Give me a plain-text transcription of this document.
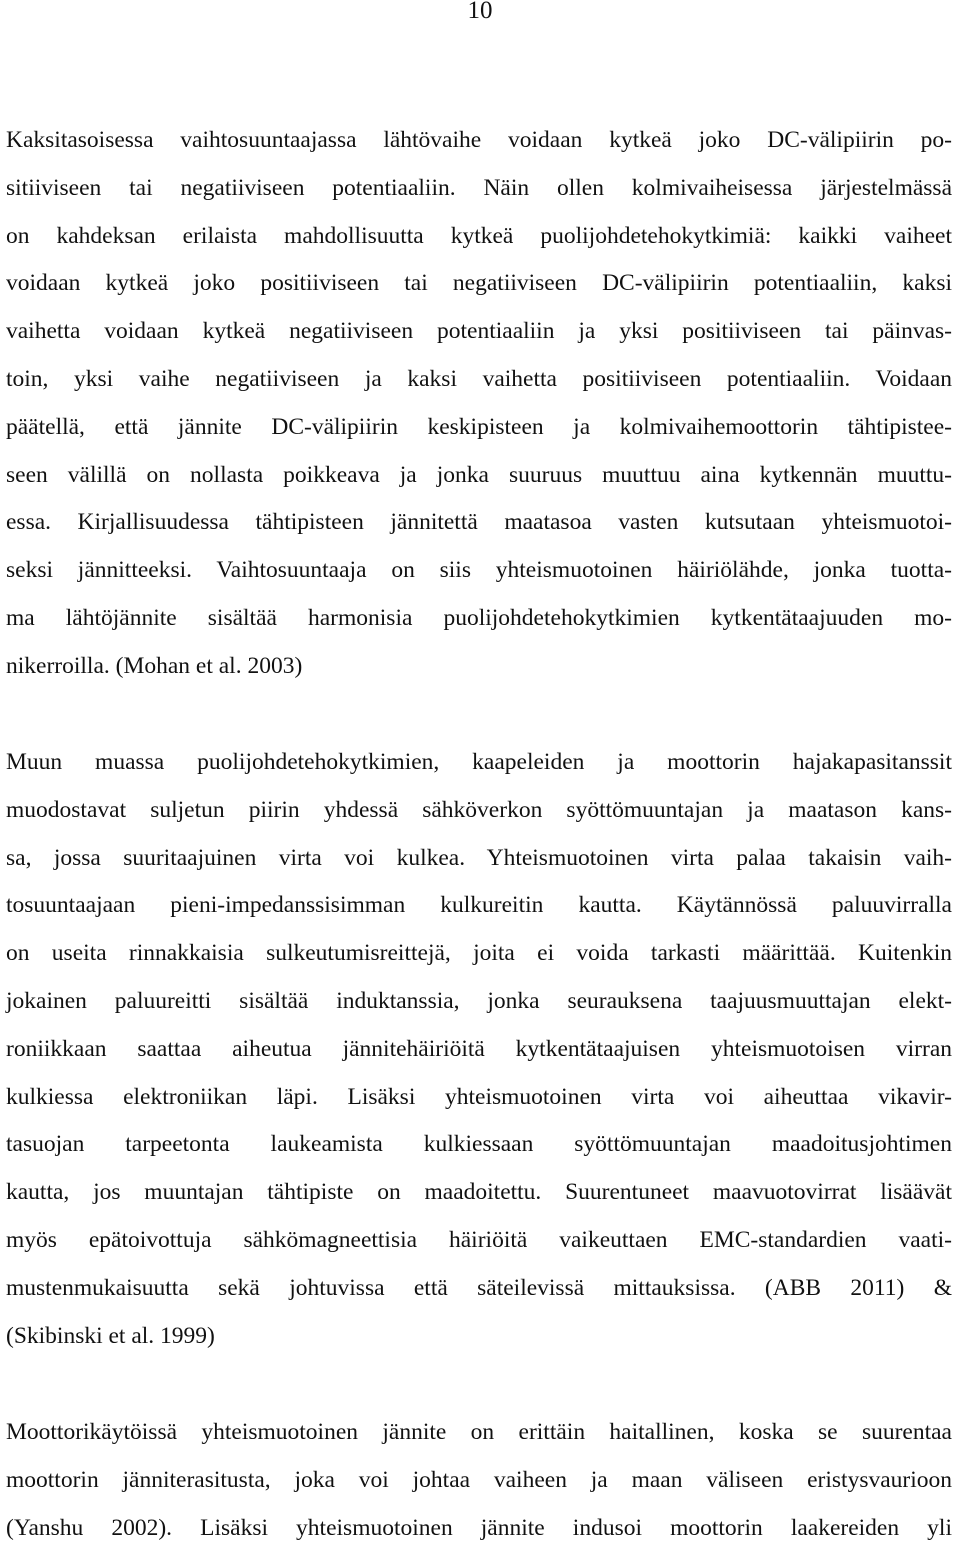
10
Kaksitasoisessa vaihtosuuntaajassa lähtövaihe voidaan kytkeä joko DC-välipiirin po-
sitiiviseen tai negatiiviseen potentiaaliin. Näin ollen kolmivaiheisessa järjestelmässä
on kahdeksan erilaista mahdollisuutta kytkeä puolijohdetehokytkimiä: kaikki vaiheet
voidaan kytkeä joko positiiviseen tai negatiiviseen DC-välipiirin potentiaaliin, kaksi
vaihetta voidaan kytkeä negatiiviseen potentiaaliin ja yksi positiiviseen tai päinvas-
toin, yksi vaihe negatiiviseen ja kaksi vaihetta positiiviseen potentiaaliin. Voidaan
päätellä, että jännite DC-välipiirin keskipisteen ja kolmivaihemoottorin tähtipistee-
seen välillä on nollasta poikkeava ja jonka suuruus muuttuu aina kytkennän muuttu-
essa. Kirjallisuudessa tähtipisteen jännitettä maatasoa vasten kutsutaan yhteismuotoi-
seksi jännitteeksi. Vaihtosuuntaaja on siis yhteismuotoinen häiriölähde, jonka tuotta-
ma lähtöjännite sisältää harmonisia puolijohdetehokytkimien kytkentätaajuuden mo-
nikerroilla. (Mohan et al. 2003)
Muun muassa puolijohdetehokytkimien, kaapeleiden ja moottorin hajakapasitanssit
muodostavat suljetun piirin yhdessä sähköverkon syöttömuuntajan ja maatason kans-
sa, jossa suuritaajuinen virta voi kulkea. Yhteismuotoinen virta palaa takaisin vaih-
tosuuntaajaan pieni-impedanssisimman kulkureitin kautta. Käytännössä paluuvirralla
on useita rinnakkaisia sulkeutumisreittejä, joita ei voida tarkasti määrittää. Kuitenkin
jokainen paluureitti sisältää induktanssia, jonka seurauksena taajuusmuuttajan elekt-
roniikkaan saattaa aiheutua jännitehäiriöitä kytkentätaajuisen yhteismuotoisen virran
kulkiessa elektroniikan läpi. Lisäksi yhteismuotoinen virta voi aiheuttaa vikavir-
tasuojan tarpeetonta laukeamista kulkiessaan syöttömuuntajan maadoitusjohtimen
kautta, jos muuntajan tähtipiste on maadoitettu. Suurentuneet maavuotovirrat lisäävät
myös epätoivottuja sähkömagneettisia häiriöitä vaikeuttaen EMC-standardien vaati-
mustenmukaisuutta sekä johtuvissa että säteilevissä mittauksissa. (ABB 2011) &
(Skibinski et al. 1999)
Moottorikäytöissä yhteismuotoinen jännite on erittäin haitallinen, koska se suurentaa
moottorin jänniterasitusta, joka voi johtaa vaiheen ja maan väliseen eristysvaurioon
(Yanshu 2002). Lisäksi yhteismuotoinen jännite indusoi moottorin laakereiden yli
